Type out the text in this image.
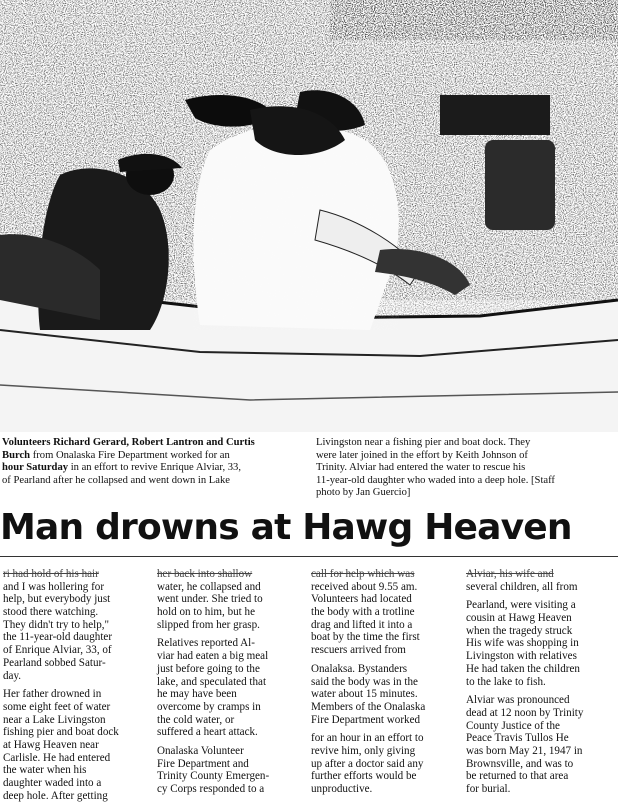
Volunteers Richard Gerard, Robert Lantron and Curtis
Burch from Onalaska Fire Department worked for an
hour Saturday in an effort to revive Enrique Alviar, 33,
of Pearland after he collapsed and went down in Lake
Livingston near a fishing pier and boat dock. They
were later joined in the effort by Keith Johnson of
Trinity. Alviar had entered the water to rescue his
11-year-old daughter who waded into a deep hole. [Staff
photo by Jan Guercio]
Man drowns at Hawg Heaven
ri had hold of his hair
and I was hollering for
help, but everybody just
stood there watching.
They didn't try to help,"
the 11-year-old daughter
of Enrique Alviar, 33, of
Pearland sobbed Satur-
day.
Her father drowned in
some eight feet of water
near a Lake Livingston
fishing pier and boat dock
at Hawg Heaven near
Carlisle. He had entered
the water when his
daughter waded into a
deep hole. After getting
her back into shallow
water, he collapsed and
went under. She tried to
hold on to him, but he
slipped from her grasp.
Relatives reported Al-
viar had eaten a big meal
just before going to the
lake, and speculated that
he may have been
overcome by cramps in
the cold water, or
suffered a heart attack.
Onalaska Volunteer
Fire Department and
Trinity County Emergen-
cy Corps responded to a
call for help which was
received about 9.55 am.
Volunteers had located
the body with a trotline
drag and lifted it into a
boat by the time the first
rescuers arrived from
Onalaksa. Bystanders
said the body was in the
water about 15 minutes.
Members of the Onalaska
Fire Department worked
for an hour in an effort to
revive him, only giving
up after a doctor said any
further efforts would be
unproductive.
Alviar, his wife and
several children, all from
Pearland, were visiting a
cousin at Hawg Heaven
when the tragedy struck
His wife was shopping in
Livingston with relatives
He had taken the children
to the lake to fish.
Alviar was pronounced
dead at 12 noon by Trinity
County Justice of the
Peace Travis Tullos He
was born May 21, 1947 in
Brownsville, and was to
be returned to that area
for burial.
